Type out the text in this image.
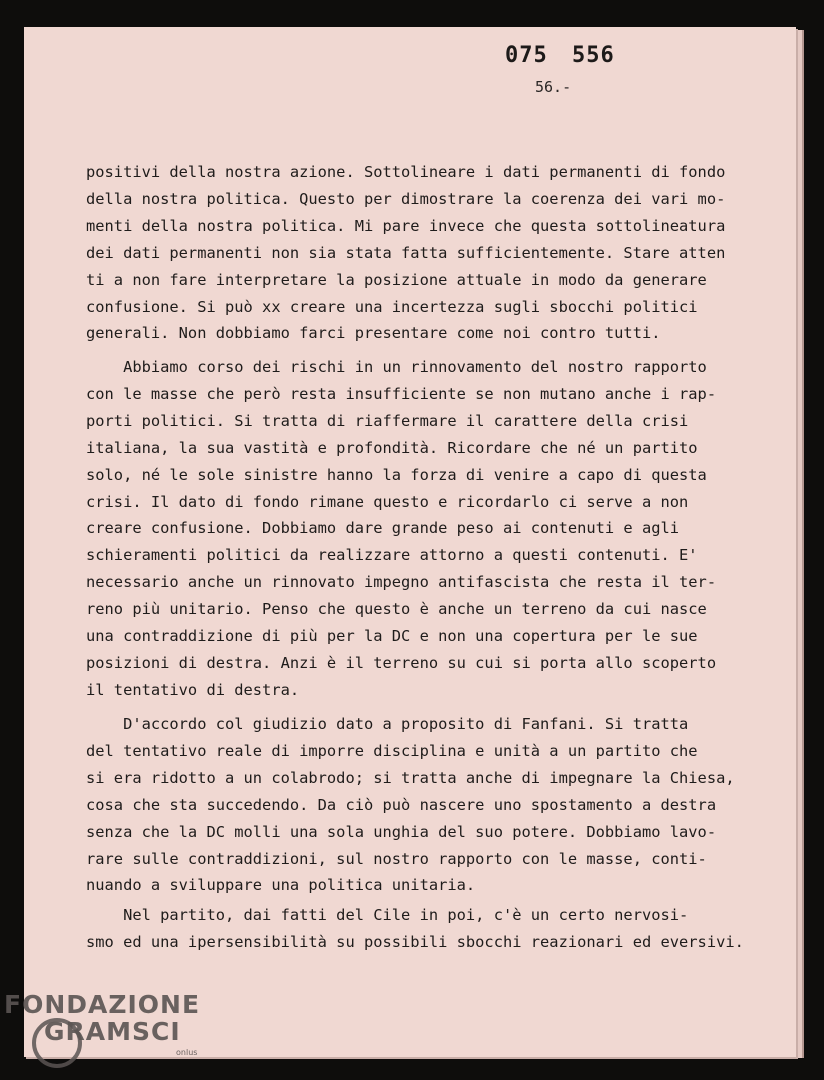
075 556
56.-
positivi della nostra azione. Sottolineare i dati permanenti di fondo
della nostra politica. Questo per dimostrare la coerenza dei vari mo-
menti della nostra politica. Mi pare invece che questa sottolineatura
dei dati permanenti non sia stata fatta sufficientemente. Stare atten
ti a non fare interpretare la posizione attuale in modo da generare
confusione. Si può xx creare una incertezza sugli sbocchi politici
generali. Non dobbiamo farci presentare come noi contro tutti.
Abbiamo corso dei rischi in un rinnovamento del nostro rapporto
con le masse che però resta insufficiente se non mutano anche i rap-
porti politici. Si tratta di riaffermare il carattere della crisi
italiana, la sua vastità e profondità. Ricordare che né un partito
solo, né le sole sinistre hanno la forza di venire a capo di questa
crisi. Il dato di fondo rimane questo e ricordarlo ci serve a non
creare confusione. Dobbiamo dare grande peso ai contenuti e agli
schieramenti politici da realizzare attorno a questi contenuti. E'
necessario anche un rinnovato impegno antifascista che resta il ter-
reno più unitario. Penso che questo è anche un terreno da cui nasce
una contraddizione di più per la DC e non una copertura per le sue
posizioni di destra. Anzi è il terreno su cui si porta allo scoperto
il tentativo di destra.
D'accordo col giudizio dato a proposito di Fanfani. Si tratta
del tentativo reale di imporre disciplina e unità a un partito che
si era ridotto a un colabrodo; si tratta anche di impegnare la Chiesa,
cosa che sta succedendo. Da ciò può nascere uno spostamento a destra
senza che la DC molli una sola unghia del suo potere. Dobbiamo lavo-
rare sulle contraddizioni, sul nostro rapporto con le masse, conti-
nuando a sviluppare una politica unitaria.
Nel partito, dai fatti del Cile in poi, c'è un certo nervosi-
smo ed una ipersensibilità su possibili sbocchi reazionari ed eversivi.
FONDAZIONE
GRAMSCI
onlus
